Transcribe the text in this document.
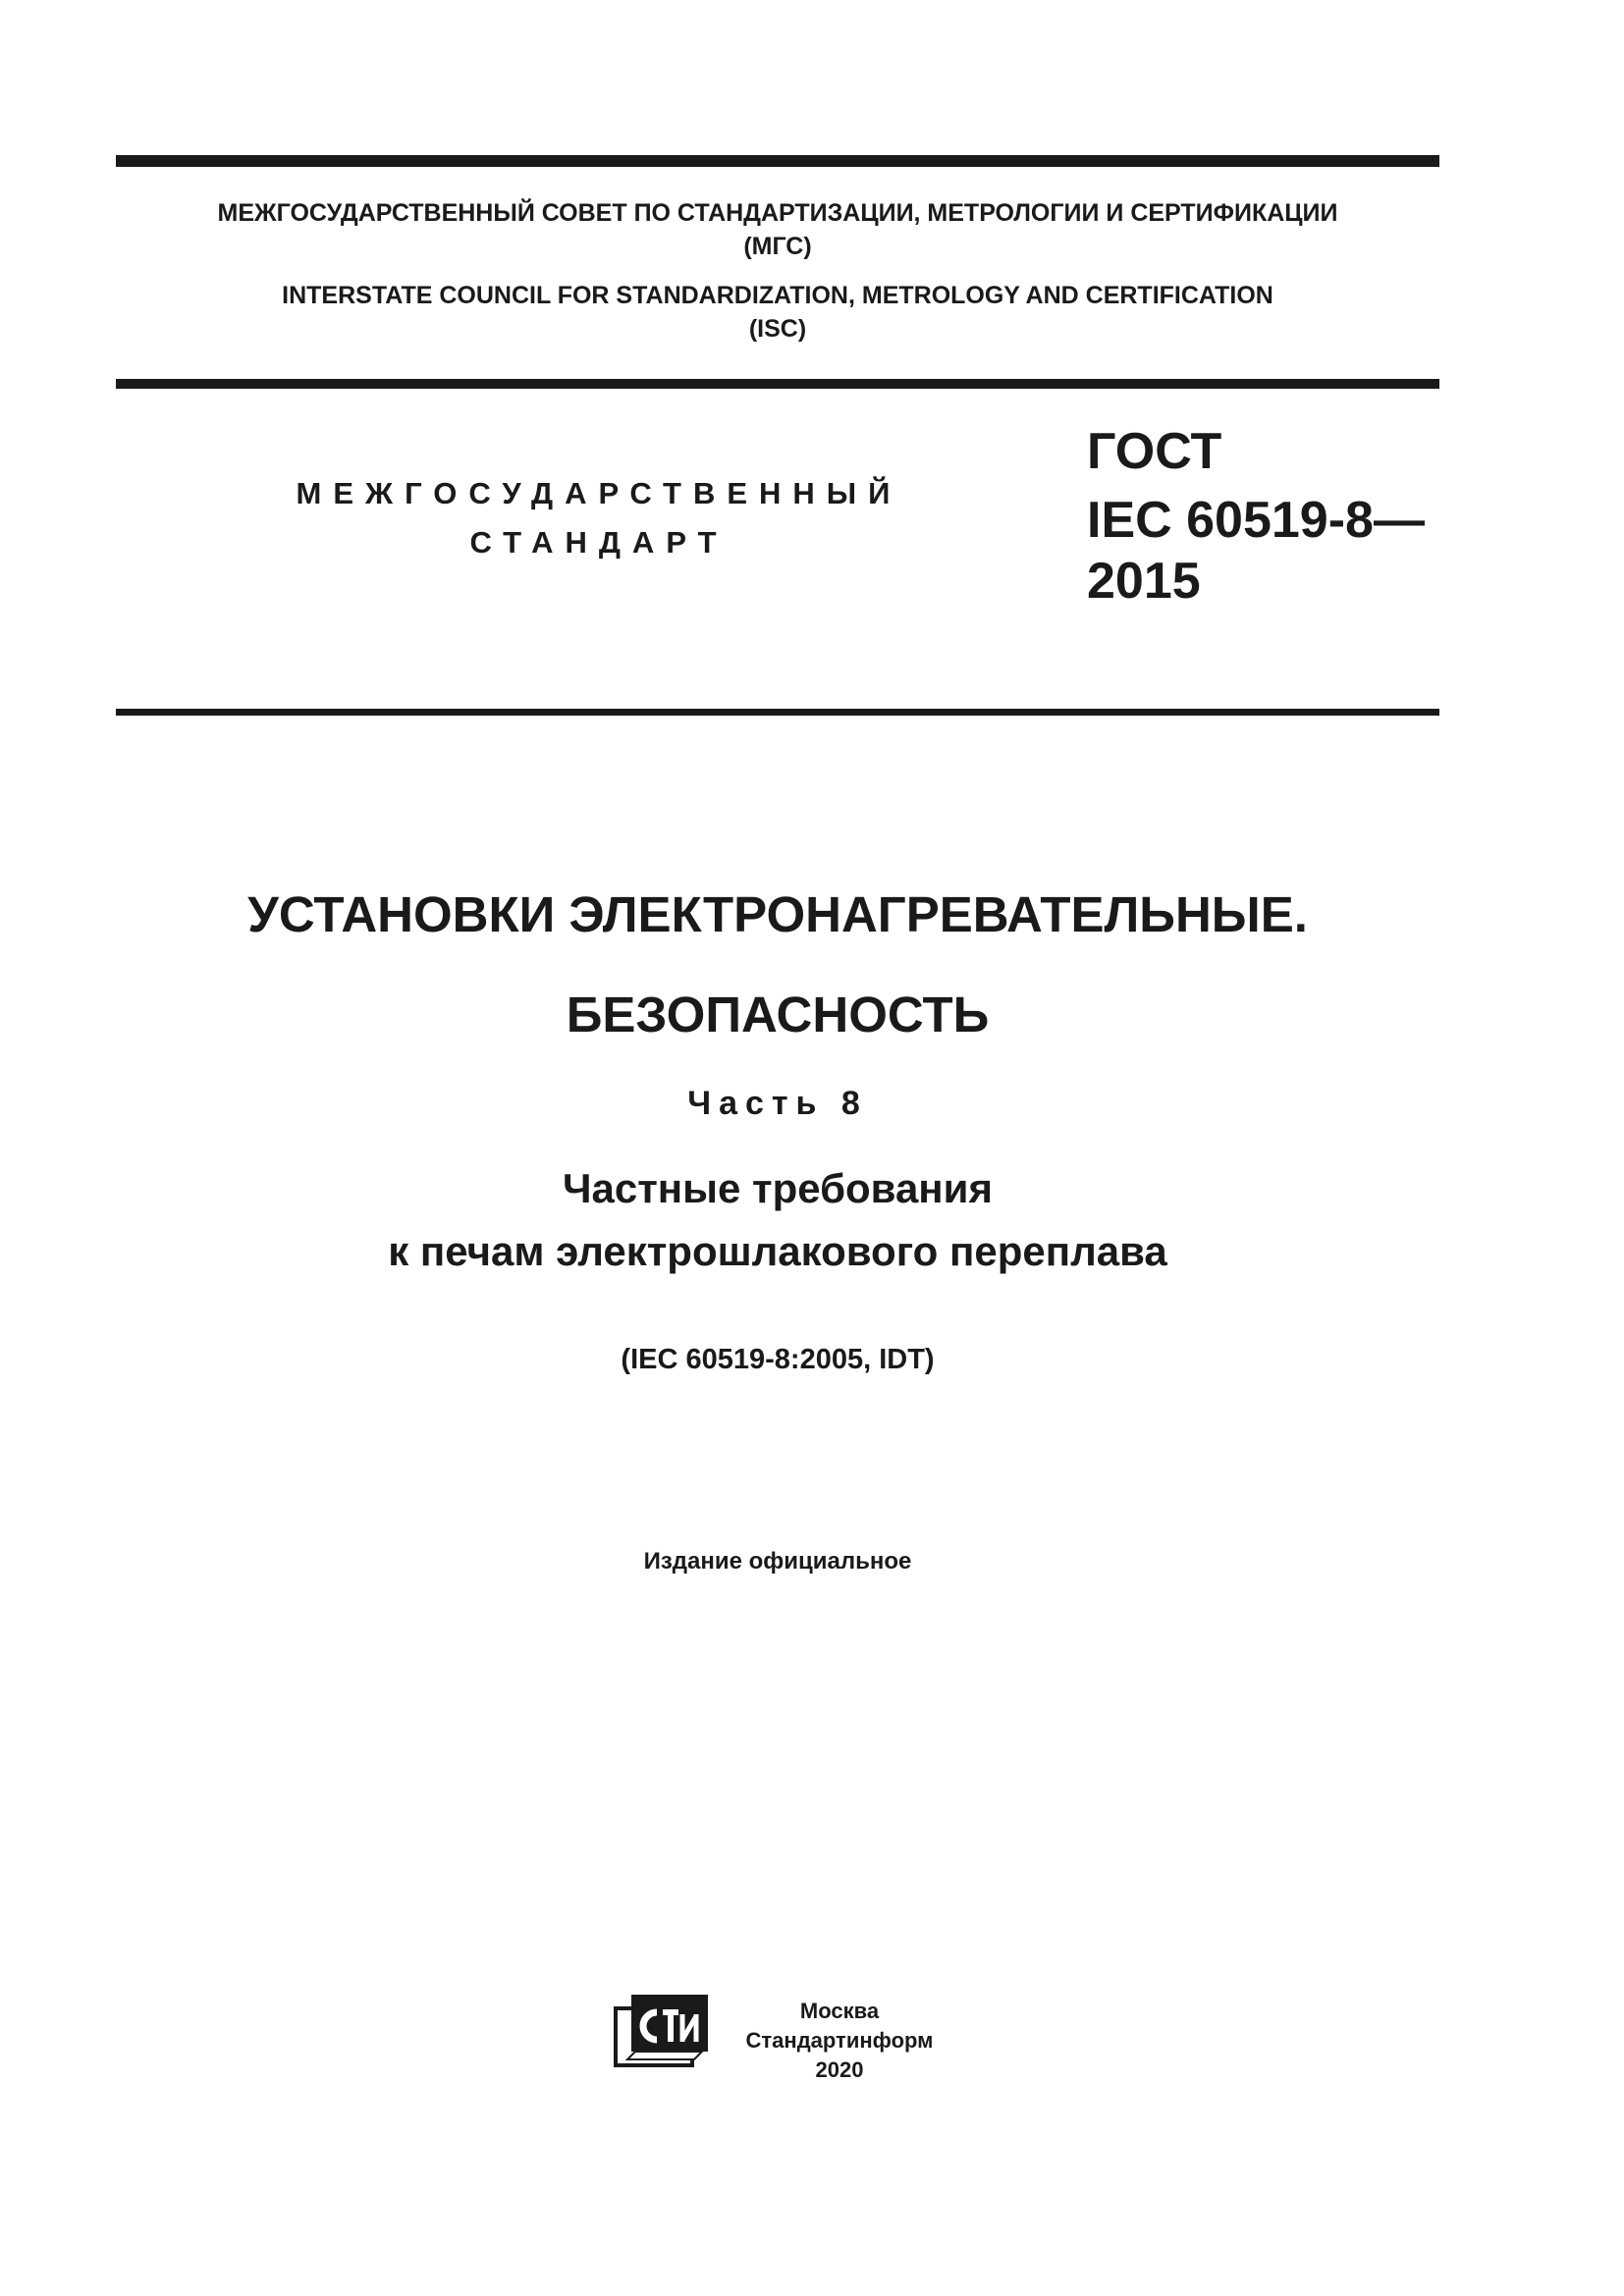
МЕЖГОСУДАРСТВЕННЫЙ СОВЕТ ПО СТАНДАРТИЗАЦИИ, МЕТРОЛОГИИ И СЕРТИФИКАЦИИ
(МГС)
INTERSTATE COUNCIL FOR STANDARDIZATION, METROLOGY AND CERTIFICATION
(ISC)
МЕЖГОСУДАРСТВЕННЫЙ
СТАНДАРТ
ГОСТ
IEC 60519-8—
2015
УСТАНОВКИ ЭЛЕКТРОНАГРЕВАТЕЛЬНЫЕ.
БЕЗОПАСНОСТЬ
Часть 8
Частные требования
к печам электрошлакового переплава
(IEC 60519-8:2005, IDT)
Издание официальное
Москва
Стандартинформ
2020
